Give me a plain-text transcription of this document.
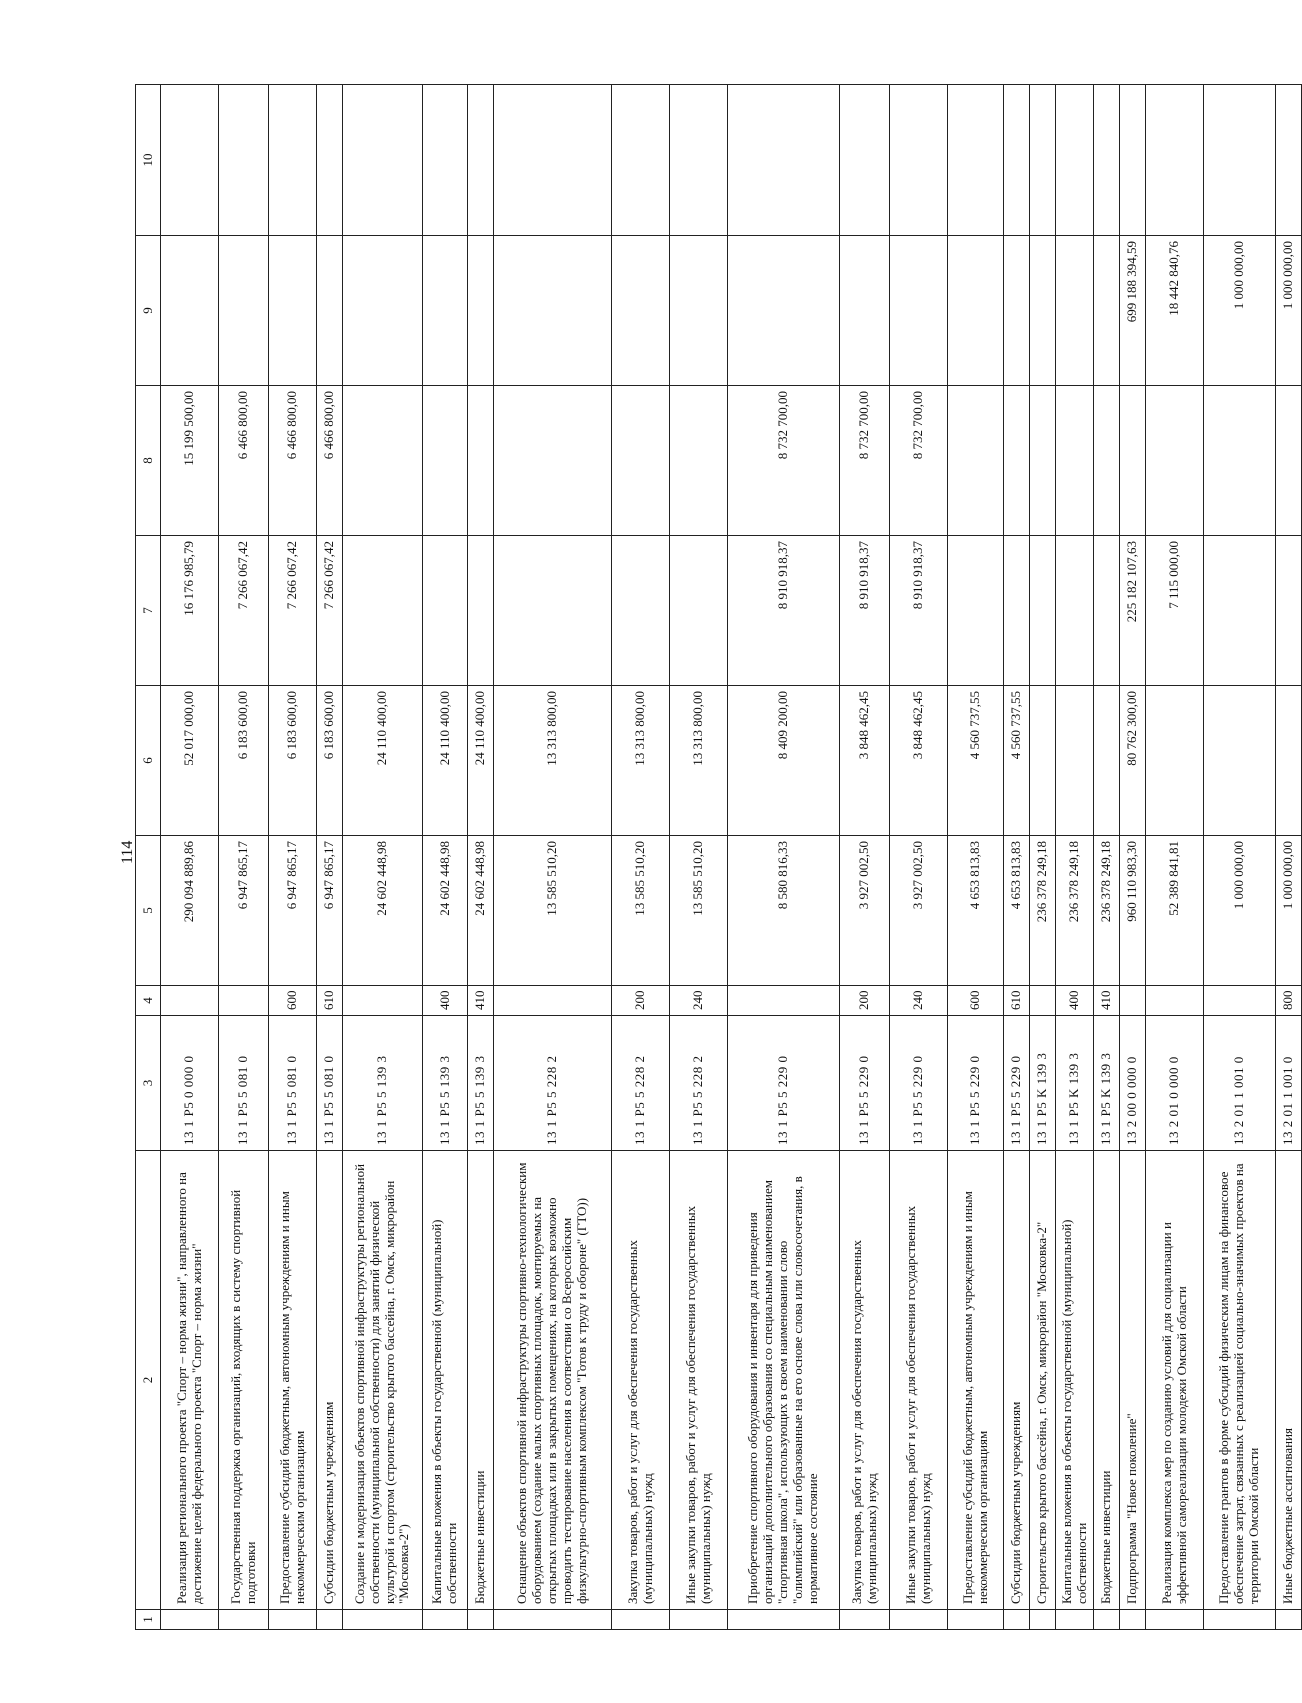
114
1	2	3	4	5	6	7	8	9	10
	Реализация регионального проекта "Спорт – норма жизни", направленного на достижение целей федерального проекта "Спорт – норма жизни"	13 1 P5 0 000 0		290 094 889,86	52 017 000,00	16 176 985,79	15 199 500,00		
	Государственная поддержка организаций, входящих в систему спортивной подготовки	13 1 P5 5 081 0		6 947 865,17	6 183 600,00	7 266 067,42	6 466 800,00		
	Предоставление субсидий бюджетным, автономным учреждениям и иным некоммерческим организациям	13 1 P5 5 081 0	600	6 947 865,17	6 183 600,00	7 266 067,42	6 466 800,00		
	Субсидии бюджетным учреждениям	13 1 P5 5 081 0	610	6 947 865,17	6 183 600,00	7 266 067,42	6 466 800,00		
	Создание и модернизация объектов спортивной инфраструктуры региональной собственности (муниципальной собственности) для занятий физической культурой и спортом (строительство крытого бассейна, г. Омск, микрорайон "Московка-2")	13 1 P5 5 139 3		24 602 448,98	24 110 400,00				
	Капитальные вложения в объекты государственной (муниципальной) собственности	13 1 P5 5 139 3	400	24 602 448,98	24 110 400,00				
	Бюджетные инвестиции	13 1 P5 5 139 3	410	24 602 448,98	24 110 400,00				
	Оснащение объектов спортивной инфраструктуры спортивно-технологическим оборудованием (создание малых спортивных площадок, монтируемых на открытых площадках или в закрытых помещениях, на которых возможно проводить тестирование населения в соответствии со Всероссийским физкультурно-спортивным комплексом "Готов к труду и обороне" (ГТО))	13 1 P5 5 228 2		13 585 510,20	13 313 800,00				
	Закупка товаров, работ и услуг для обеспечения государственных (муниципальных) нужд	13 1 P5 5 228 2	200	13 585 510,20	13 313 800,00				
	Иные закупки товаров, работ и услуг для обеспечения государственных (муниципальных) нужд	13 1 P5 5 228 2	240	13 585 510,20	13 313 800,00				
	Приобретение спортивного оборудования и инвентаря для приведения организаций дополнительного образования со специальным наименованием "спортивная школа", использующих в своем наименовании слово "олимпийский" или образованные на его основе слова или словосочетания, в нормативное состояние	13 1 P5 5 229 0		8 580 816,33	8 409 200,00	8 910 918,37	8 732 700,00		
	Закупка товаров, работ и услуг для обеспечения государственных (муниципальных) нужд	13 1 P5 5 229 0	200	3 927 002,50	3 848 462,45	8 910 918,37	8 732 700,00		
	Иные закупки товаров, работ и услуг для обеспечения государственных (муниципальных) нужд	13 1 P5 5 229 0	240	3 927 002,50	3 848 462,45	8 910 918,37	8 732 700,00		
	Предоставление субсидий бюджетным, автономным учреждениям и иным некоммерческим организациям	13 1 P5 5 229 0	600	4 653 813,83	4 560 737,55				
	Субсидии бюджетным учреждениям	13 1 P5 5 229 0	610	4 653 813,83	4 560 737,55				
	Строительство крытого бассейна, г. Омск, микрорайон "Московка-2"	13 1 P5 K 139 3		236 378 249,18					
	Капитальные вложения в объекты государственной (муниципальной) собственности	13 1 P5 K 139 3	400	236 378 249,18					
	Бюджетные инвестиции	13 1 P5 K 139 3	410	236 378 249,18					
	Подпрограмма "Новое поколение"	13 2 00 0 000 0		960 110 983,30	80 762 300,00	225 182 107,63		699 188 394,59	
	Реализация комплекса мер по созданию условий для социализации и эффективной самореализации молодежи Омской области	13 2 01 0 000 0		52 389 841,81		7 115 000,00		18 442 840,76	
	Предоставление грантов в форме субсидий физическим лицам на финансовое обеспечение затрат, связанных с реализацией социально-значимых проектов на территории Омской области	13 2 01 1 001 0		1 000 000,00				1 000 000,00	
	Иные бюджетные ассигнования	13 2 01 1 001 0	800	1 000 000,00				1 000 000,00	
